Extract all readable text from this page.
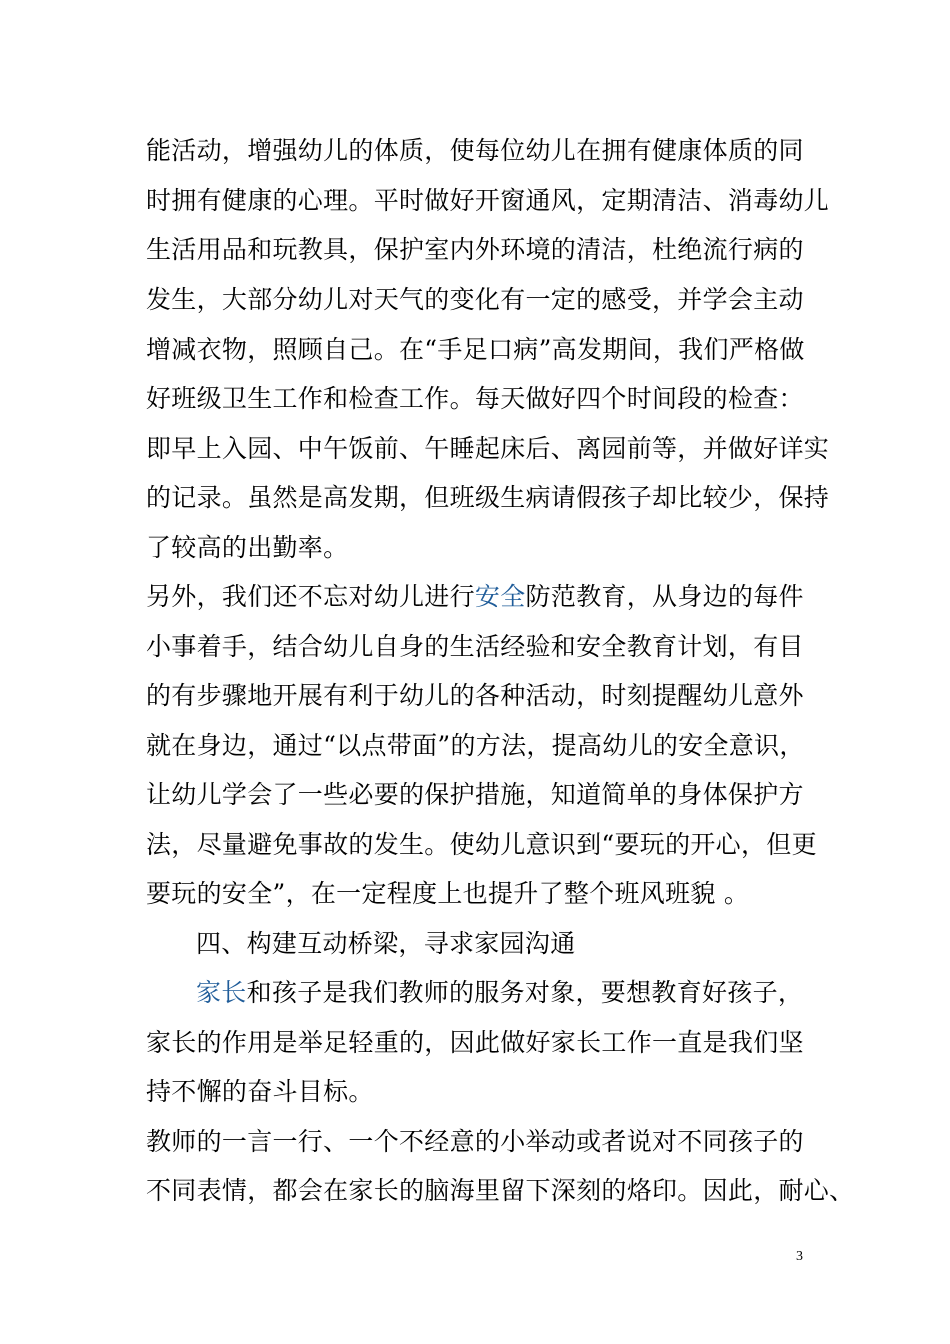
能活动，增强幼儿的体质，使每位幼儿在拥有健康体质的同
时拥有健康的心理。平时做好开窗通风，定期清洁、消毒幼儿
生活用品和玩教具，保护室内外环境的清洁，杜绝流行病的
发生，大部分幼儿对天气的变化有一定的感受，并学会主动
增减衣物，照顾自己。在“手足口病”高发期间，我们严格做
好班级卫生工作和检查工作。每天做好四个时间段的检查：
即早上入园、中午饭前、午睡起床后、离园前等，并做好详实
的记录。虽然是高发期，但班级生病请假孩子却比较少，保持
了较高的出勤率。
另外，我们还不忘对幼儿进行安全防范教育，从身边的每件
小事着手，结合幼儿自身的生活经验和安全教育计划，有目
的有步骤地开展有利于幼儿的各种活动，时刻提醒幼儿意外
就在身边，通过“以点带面”的方法，提高幼儿的安全意识，
让幼儿学会了一些必要的保护措施，知道简单的身体保护方
法，尽量避免事故的发生。使幼儿意识到“要玩的开心，但更
要玩的安全”，在一定程度上也提升了整个班风班貌 。
四、构建互动桥梁，寻求家园沟通
家长和孩子是我们教师的服务对象，要想教育好孩子，
家长的作用是举足轻重的，因此做好家长工作一直是我们坚
持不懈的奋斗目标。
教师的一言一行、一个不经意的小举动或者说对不同孩子的
不同表情，都会在家长的脑海里留下深刻的烙印。因此，耐心、
3
